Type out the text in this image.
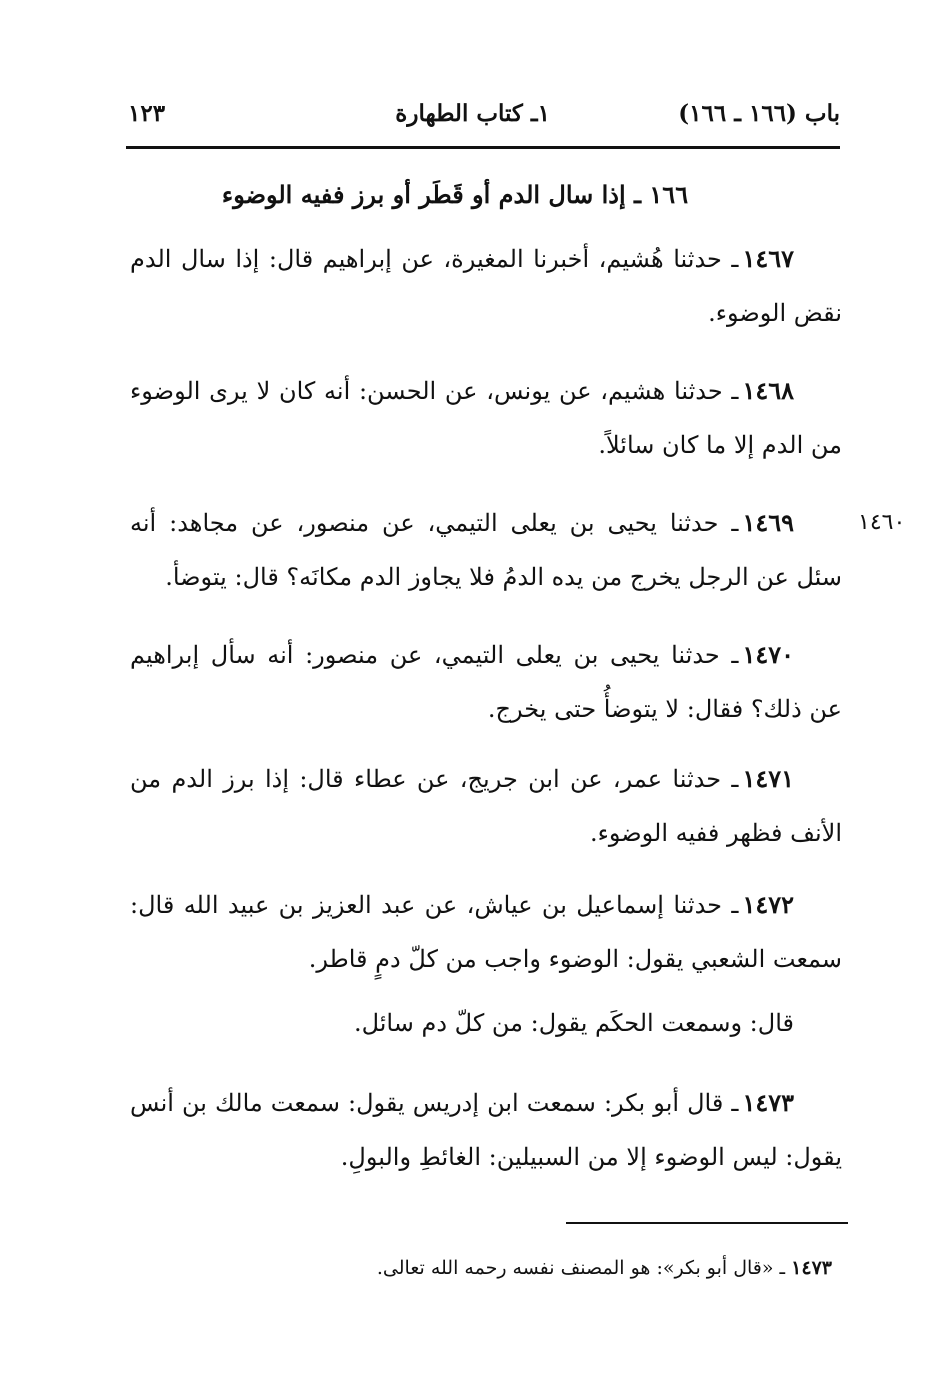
باب (١٦٦ ـ ١٦٦)
١ـ كتاب الطهارة
١٢٣
١٦٦ ـ إذا سال الدم أو قَطَر أو برز ففيه الوضوء
١٤٦٠

١٤٦٧ـ حدثنا هُشيم، أخبرنا المغيرة، عن إبراهيم قال: إذا سال الدم نقض الوضوء.

١٤٦٨ـ حدثنا هشيم، عن يونس، عن الحسن: أنه كان لا يرى الوضوء من الدم إلا ما كان سائلاً.

١٤٦٩ـ حدثنا يحيى بن يعلى التيمي، عن منصور، عن مجاهد: أنه سئل عن الرجل يخرج من يده الدمُ فلا يجاوز الدم مكانَه؟ قال: يتوضأ.

١٤٧٠ـ حدثنا يحيى بن يعلى التيمي، عن منصور: أنه سأل إبراهيم عن ذلك؟ فقال: لا يتوضأُ حتى يخرج.

١٤٧١ـ حدثنا عمر، عن ابن جريج، عن عطاء قال: إذا برز الدم من الأنف فظهر ففيه الوضوء.

١٤٧٢ـ حدثنا إسماعيل بن عياش، عن عبد العزيز بن عبيد الله قال: سمعت الشعبي يقول: الوضوء واجب من كلّ دمٍ قاطر.

قال: وسمعت الحكَم يقول: من كلّ دم سائل.

١٤٧٣ـ قال أبو بكر: سمعت ابن إدريس يقول: سمعت مالك بن أنس يقول: ليس الوضوء إلا من السبيلين: الغائطِ والبولِ.

١٤٧٣ ـ «قال أبو بكر»: هو المصنف نفسه رحمه الله تعالى.
